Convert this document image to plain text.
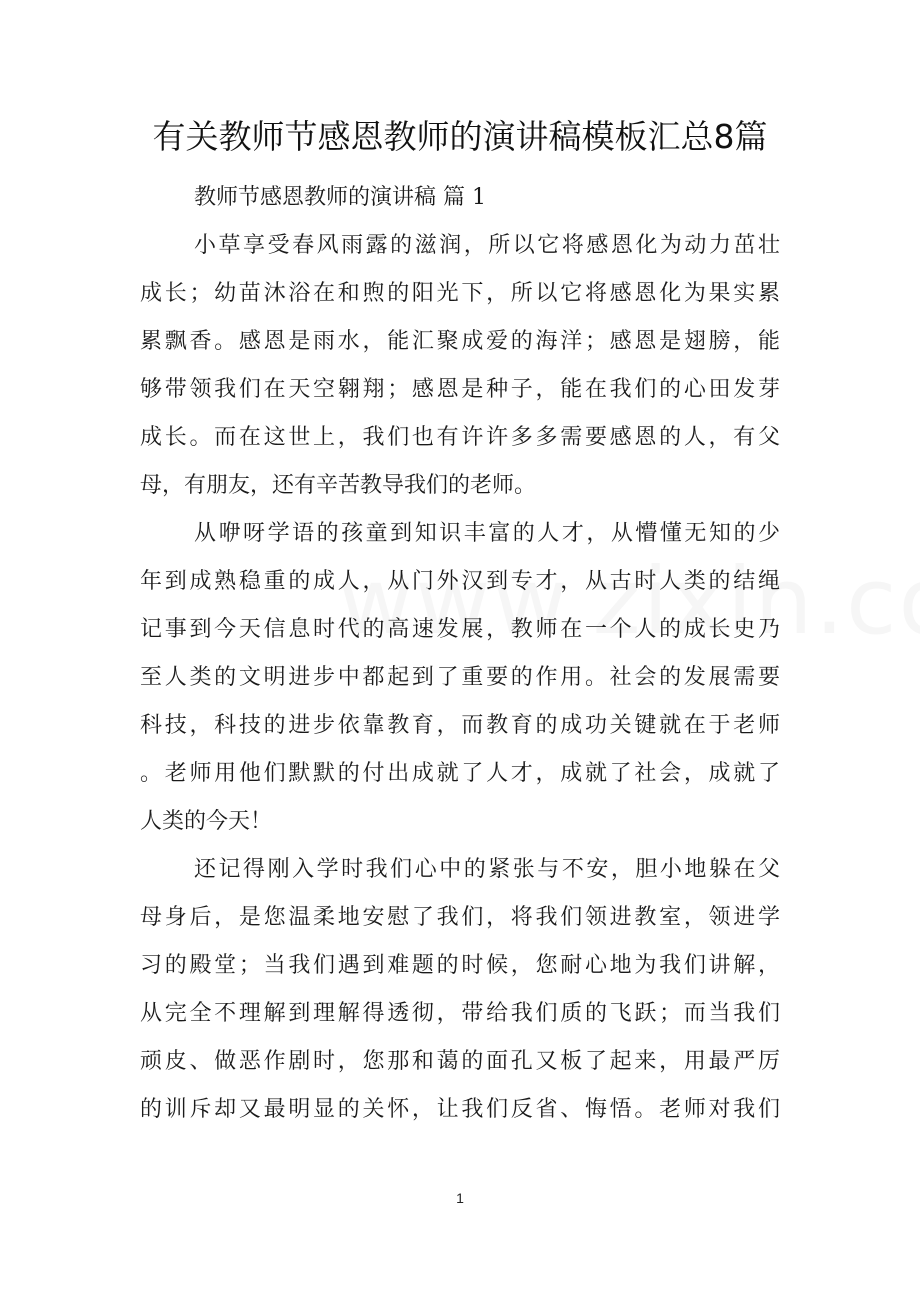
有关教师节感恩教师的演讲稿模板汇总8篇
教师节感恩教师的演讲稿 篇 1
小草享受春风雨露的滋润，所以它将感恩化为动力茁壮
成长；幼苗沐浴在和煦的阳光下，所以它将感恩化为果实累
累飘香。感恩是雨水，能汇聚成爱的海洋；感恩是翅膀，能
够带领我们在天空翱翔；感恩是种子，能在我们的心田发芽
成长。而在这世上，我们也有许许多多需要感恩的人，有父
母，有朋友，还有辛苦教导我们的老师。
从咿呀学语的孩童到知识丰富的人才，从懵懂无知的少
年到成熟稳重的成人，从门外汉到专才，从古时人类的结绳
记事到今天信息时代的高速发展，教师在一个人的成长史乃
至人类的文明进步中都起到了重要的作用。社会的发展需要
科技，科技的进步依靠教育，而教育的成功关键就在于老师
。老师用他们默默的付出成就了人才，成就了社会，成就了
人类的今天！
还记得刚入学时我们心中的紧张与不安，胆小地躲在父
母身后，是您温柔地安慰了我们，将我们领进教室，领进学
习的殿堂；当我们遇到难题的时候，您耐心地为我们讲解，
从完全不理解到理解得透彻，带给我们质的飞跃；而当我们
顽皮、做恶作剧时，您那和蔼的面孔又板了起来，用最严厉
的训斥却又最明显的关怀，让我们反省、悔悟。老师对我们
1
